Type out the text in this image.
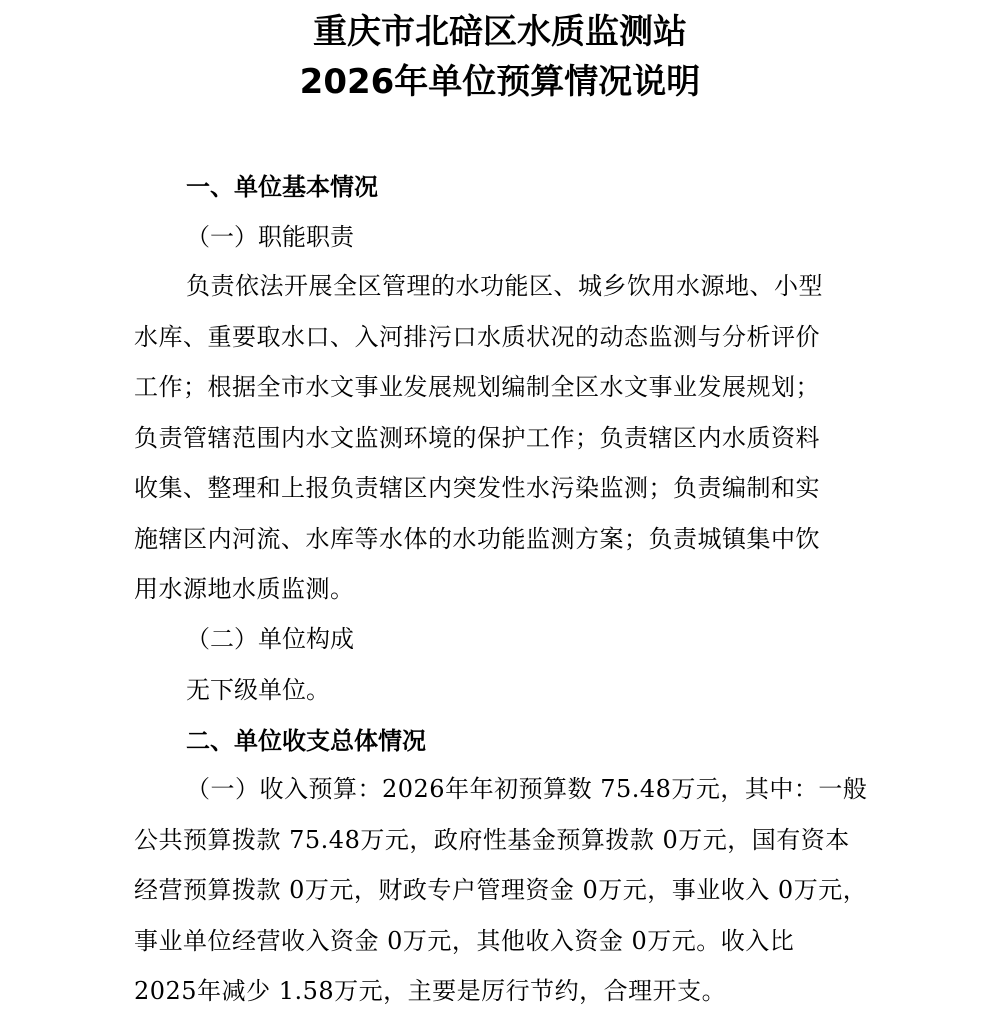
重庆市北碚区水质监测站
2026年单位预算情况说明
一、单位基本情况
（一）职能职责
负责依法开展全区管理的水功能区、城乡饮用水源地、小型
水库、重要取水口、入河排污口水质状况的动态监测与分析评价
工作；根据全市水文事业发展规划编制全区水文事业发展规划；
负责管辖范围内水文监测环境的保护工作；负责辖区内水质资料
收集、整理和上报负责辖区内突发性水污染监测；负责编制和实
施辖区内河流、水库等水体的水功能监测方案；负责城镇集中饮
用水源地水质监测。
（二）单位构成
无下级单位。
二、单位收支总体情况
（一）收入预算：2026年年初预算数 75.48万元，其中：一般
公共预算拨款 75.48万元，政府性基金预算拨款 0万元，国有资本
经营预算拨款 0万元，财政专户管理资金 0万元，事业收入 0万元，
事业单位经营收入资金 0万元，其他收入资金 0万元。收入比
2025年减少 1.58万元，主要是厉行节约，合理开支。
